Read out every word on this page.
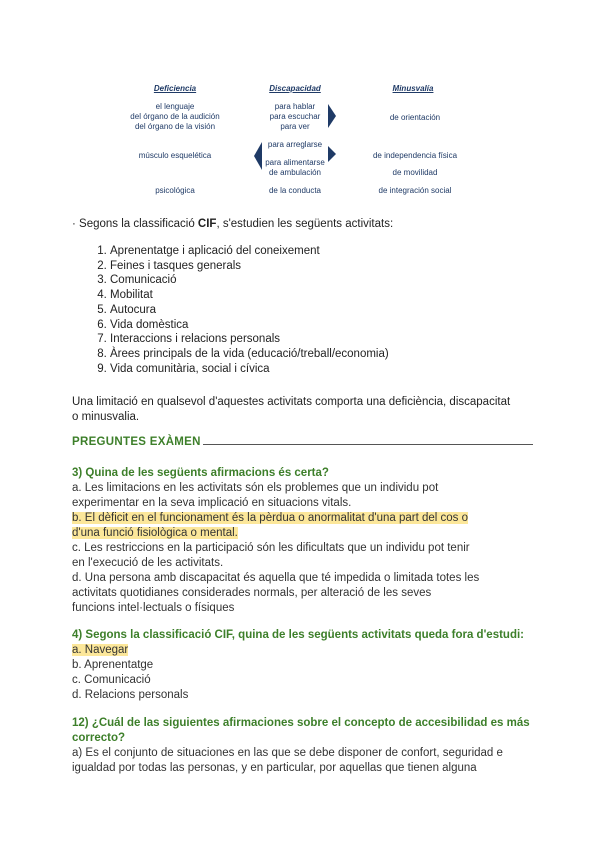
Deficiencia	Discapacidad	Minusvalía
el lenguaje
del órgano de la audición
del órgano de la visión
músculo esquelética
psicológica
para hablar
para escuchar
para ver
para arreglarse
para alimentarse
de ambulación
de la conducta
de orientación
de independencia física
de movilidad
de integración social
· Segons la classificació CIF, s'estudien les següents activitats:
1. Aprenentatge i aplicació del coneixement
2. Feines i tasques generals
3. Comunicació
4. Mobilitat
5. Autocura
6. Vida domèstica
7. Interaccions i relacions personals
8. Àrees principals de la vida (educació/treball/economia)
9. Vida comunitària, social i cívica
Una limitació en qualsevol d'aquestes activitats comporta una deficiència, discapacitat o minusvalia.
PREGUNTES EXÀMEN
3) Quina de les següents afirmacions és certa?
a. Les limitacions en les activitats són els problemes que un individu pot
experimentar en la seva implicació en situacions vitals.
b. El dèficit en el funcionament és la pèrdua o anormalitat d'una part del cos o
d'una funció fisiològica o mental.
c. Les restriccions en la participació són les dificultats que un individu pot tenir
en l'execució de les activitats.
d. Una persona amb discapacitat és aquella que té impedida o limitada totes les
activitats quotidianes considerades normals, per alteració de les seves
funcions intel·lectuals o físiques
4) Segons la classificació CIF, quina de les següents activitats queda fora d'estudi:
a. Navegar
b. Aprenentatge
c. Comunicació
d. Relacions personals
12) ¿Cuál de las siguientes afirmaciones sobre el concepto de accesibilidad es más
correcto?
a) Es el conjunto de situaciones en las que se debe disponer de confort, seguridad e
igualdad por todas las personas, y en particular, por aquellas que tienen alguna
